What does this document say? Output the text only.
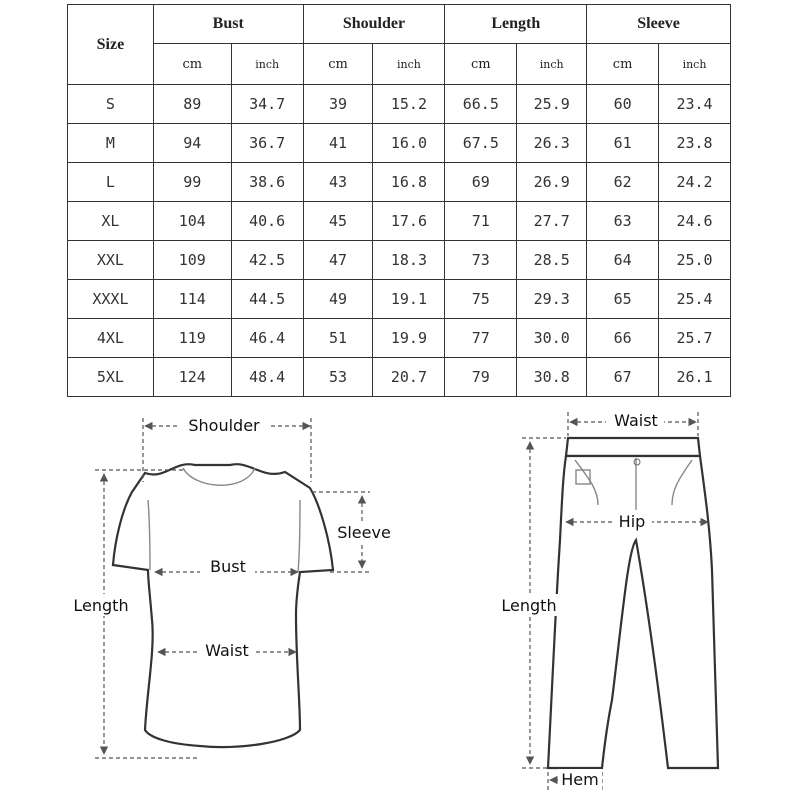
Size	Bust		Shoulder		Length		Sleeve	
	cm	inch	cm	inch	cm	inch	cm	inch
S	89	34.7	39	15.2	66.5	25.9	60	23.4
M	94	36.7	41	16.0	67.5	26.3	61	23.8
L	99	38.6	43	16.8	69	26.9	62	24.2
XL	104	40.6	45	17.6	71	27.7	63	24.6
XXL	109	42.5	47	18.3	73	28.5	64	25.0
XXXL	114	44.5	49	19.1	75	29.3	65	25.4
4XL	119	46.4	51	19.9	77	30.0	66	25.7
5XL	124	48.4	53	20.7	79	30.8	67	26.1
Shoulder
Sleeve
Bust
Waist
Length
Waist
Hip
Length
Hem
